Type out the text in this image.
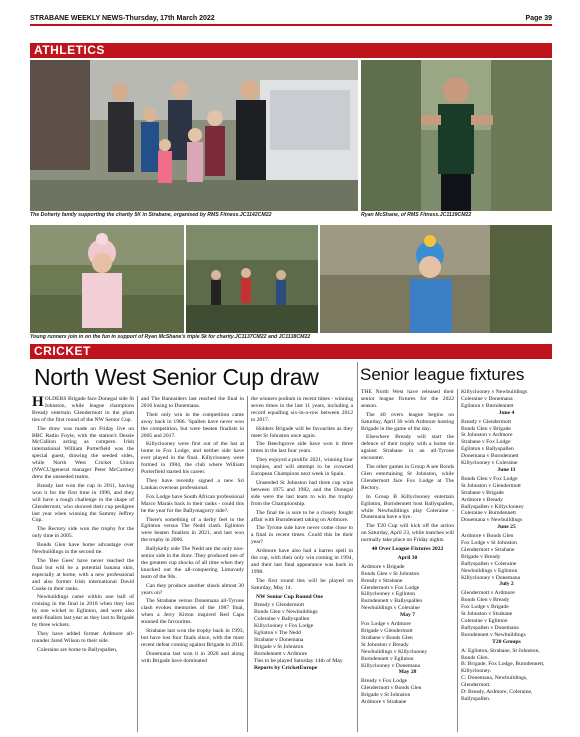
STRABANE WEEKLY NEWS-Thursday, 17th March 2022	Page 39
ATHLETICS
The Doherty family supporting the charity 5K in Strabane, organised by RMS Fitness.JC1142CM22	Ryan McShane, of RMS Fitness.JC1139CM22
Young runners join in on the fun in support of Ryan McShane's triple 5k for charity.JC1137CM22 and JC1138CM22
CRICKET
North West Senior Cup draw	Senior league fixtures

HOLDERS Brigade face Donegal side St Johnston, while league champions Bready entertain Glendermott in the plum ties of the first round of the NW Senior Cup.

The draw was made on Friday live on BBC Radio Foyle, with the station's Dessie McCallion acting as compere. Irish international William Porterfield was the special guest, drawing the seeded sides, while North West Cricket Union (NWCU)general manager Peter McCartney drew the unseeded teams.

Bready last won the cup in 2011, having won it for the first time in 1996, and they will have a tough challenge in the shape of Glendermott, who showed their cup pedigree last year when winning the Sammy Jeffrey Cup.

The Rectory side won the trophy for the only time in 2005.

Bonds Glen have home advantage over Newbuildings in the second tie.

The 'Bee Gees' have never reached the final but will be a potential banana skin, especially at home, with a new professional and also former Irish international David Cooke in their ranks.

Newbuildings came within one ball of cruising in the final in 2018 when they lost by one wicket to Eglinton, and were also semi-finalists last year as they lost to Brigade by three wickets.

They have added former Ardmore all-rounder Jared Wilson to their side.

Coleraine are home to Ballyspallen,

and The Bannsiders last reached the final in 2016 losing to Donemana.

Their only win in the competition came away back in 1986. 'Spallen have never won the competition, but were beaten finalists in 2005 and 2017.

Killyclooney were first out of the hat at home to Fox Lodge, and neither side have ever played in the final. Killyclooney were formed in 1984, the club where William Porterfield started his career.

They have recently signed a new Sri Lankan overseas professional.

Fox Lodge have South African professional Marco Marais back in their ranks - could this be the year for the Ballymagorry side?.

There's something of a derby feel to the Eglinton versus The Nedd clash. Eglinton were beaten finalists in 2021, and last won the trophy in 2006.

Ballykelly side The Nedd are the only non-senior side in the draw. They produced one of the greatest cup shocks of all time when they knocked out the all-conquering Limavady team of the 90s.

Can they produce another shock almost 30 years on?

The Strabane versus Donemana all-Tyrone clash evokes memories of the 1987 final, when a Jerry Kirton inspired Red Caps stunned the favourites.

Strabane last won the trophy back in 1993, but have lost four finals since, with the most recent defeat coming against Brigade in 2010.

Donemana last won it in 2020 and along with Brigade have dominated

the winners podium in recent times - winning seven times in the last 11 years, including a record equalling six-in-a-row between 2012 to 2017.

Holders Brigade will be favourites as they meet St Johnston once again.

The Beechgrove side have won it three times in the last four years.

They enjoyed a prolific 2021, winning four trophies, and will attempt to be crowned European Champions next week in Spain.

Unseeded St Johnston had three cup wins between 1975 and 1982, and the Donegal side were the last team to win the trophy from the Championship.

The final tie is sure to be a closely fought affair with Burndennett taking on Ardmore.

The Tyrone side have never come close to a final in recent times. Could this be their year?

Ardmore have also had a barren spell in the cup, with their only win coming in 1994, and their last final appearance was back in 1998.

The first round ties will be played on Saturday, May 14.

NW Senior Cup Round One

Bready v Glendermott

Bonds Glen v Newbuildings

Coleraine v Ballyspallen

Killyclooney v Fox Lodge

Eglinton v The Nedd

Strabane v Donemana

Brigade v St Johnston

Burndennett v Ardmore

Ties to be played Saturday 14th of May

Reports by CricketEurope

THE North West have released their senior league fixtures for the 2022 season.

The 40 overs league begins on Saturday, April 30 with Ardmore hosting Brigade in the game of the day.

Elsewhere Bready will start the defence of their trophy with a home tie against Strabane in an all-Tyrone encounter.

The other games in Group A see Bonds Glen entertaining St Johnston, while Glendermott face Fox Lodge at The Rectory.

In Group B Killyclooney entertain Eglinton, Burndennett host Ballyspallen, while Newbuildings play Coleraine - Donemana have a bye.

The T20 Cup will kick off the action on Saturday, April 23, while matches will normally take place on Friday nights.

40 Over League Fixtures 2022

April 30

Ardmore v Brigade

Bonds Glen v St Johnston

Bready v Strabane

Glendermott v Fox Lodge

Killyclooney v Eglinton

Burndennett v Ballyspallen

Newbuildings v Coleraine

May 7

Fox Lodge v Ardmore

Brigade v Glendermott

Strabane v Bonds Glen

St Johnston v Bready

Newbuildings v Killyclooney

Burndennett v Eglinton

Killyclooney v Donemana

May 28

Bready v Fox Lodge

Glendermott v Bonds Glen

Brigade v St Johnston

Ardmore v Strabane

Killyclooney v Newbuildings

Coleraine v Donemana

Eglinton v Burndennett

June 4

Bready v Glendermott

Bonds Glen v Brigade

St Johnston v Ardmore

Strabane v Fox Lodge

Eglinton v Ballyspallen

Donemana v Burndennett

Killyclooney v Coleraine

June 11

Bonds Glen v Fox Lodge

St Johnston v Glendermott

Strabane v Brigade

Ardmore v Bready

Ballyspallen v Killyclooney

Coleraine v Burndennett

Donemana v Newbuildings

June 25

Ardmore v Bonds Glen

Fox Lodge v St Johnston

Glendermott v Strabane

Brigade v Bready

Ballyspallen v Coleraine

Newbuildings v Eglinton

Killyclooney v Donemana

July 2

Glendermott v Ardmore

Bonds Glen v Bready

Fox Lodge v Brigade

St Johnston v Strabane

Coleraine v Eglinton

Ballyspallen v Donemana

Burndennett v Newbuildings

T20 Groups

A: Eglinton, Strabane, St Johnston, Bonds Glen.

B: Brigade, Fox Lodge, Burndennett, Killyclooney.

C: Donemana, Newbuildings, Glendermott.

D: Bready, Ardmore, Coleraine, Ballyspallen.
